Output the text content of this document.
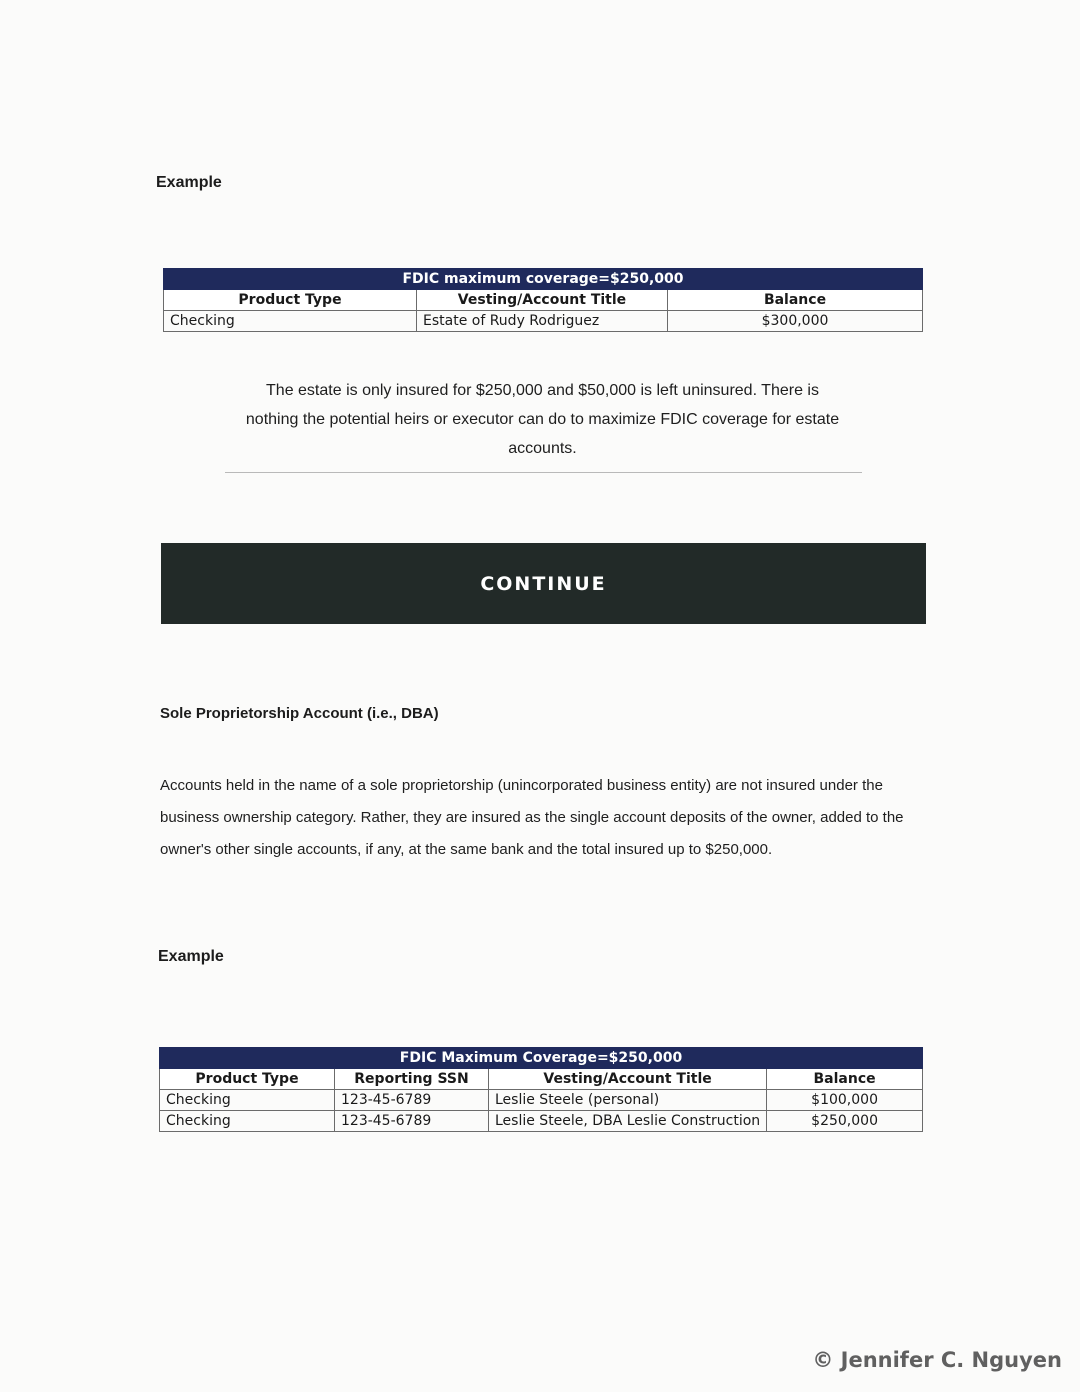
Example
FDIC maximum coverage=$250,000		
Product Type	Vesting/Account Title	Balance
Checking	Estate of Rudy Rodriguez	$300,000
The estate is only insured for $250,000 and $50,000 is left uninsured. There is nothing the potential heirs or executor can do to maximize FDIC coverage for estate accounts.
CONTINUE
Sole Proprietorship Account (i.e., DBA)
Accounts held in the name of a sole proprietorship (unincorporated business entity) are not insured under the business ownership category. Rather, they are insured as the single account deposits of the owner, added to the owner's other single accounts, if any, at the same bank and the total insured up to $250,000.
Example
FDIC Maximum Coverage=$250,000			
Product Type	Reporting SSN	Vesting/Account Title	Balance
Checking	123-45-6789	Leslie Steele (personal)	$100,000
Checking	123-45-6789	Leslie Steele, DBA Leslie Construction	$250,000
© Jennifer C. Nguyen
